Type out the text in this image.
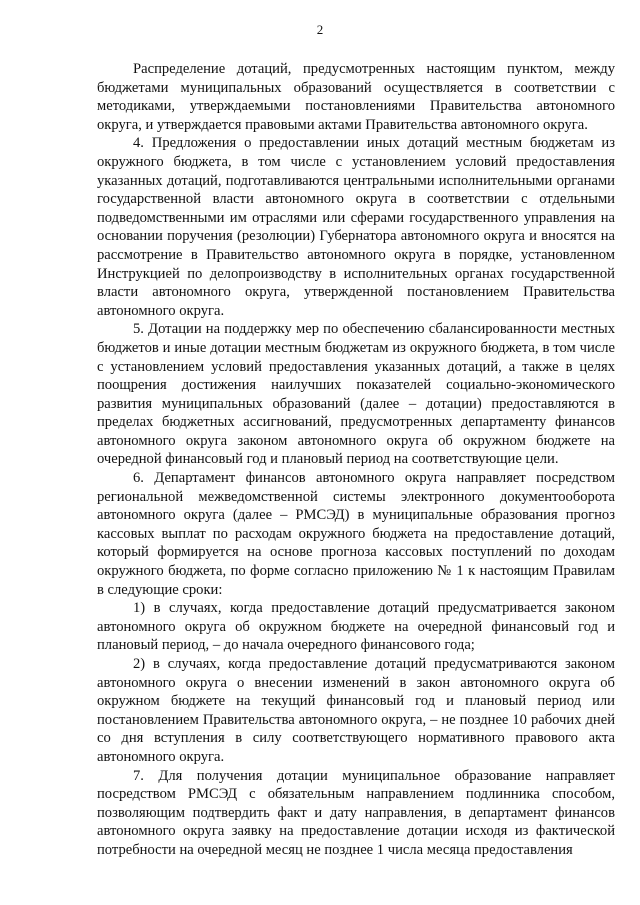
2

Распределение дотаций, предусмотренных настоящим пунктом, между бюджетами муниципальных образований осуществляется в соответствии с методиками, утверждаемыми постановлениями Правительства автономного округа, и утверждается правовыми актами Правительства автономного округа.

4. Предложения о предоставлении иных дотаций местным бюджетам из окружного бюджета, в том числе с установлением условий предоставления указанных дотаций, подготавливаются центральными исполнительными органами государственной власти автономного округа в соответствии с отдельными подведомственными им отраслями или сферами государственного управления на основании поручения (резолюции) Губернатора автономного округа и вносятся на рассмотрение в Правительство автономного округа в порядке, установленном Инструкцией по делопроизводству в исполнительных органах государственной власти автономного округа, утвержденной постановлением Правительства автономного округа.

5. Дотации на поддержку мер по обеспечению сбалансированности местных бюджетов и иные дотации местным бюджетам из окружного бюджета, в том числе с установлением условий предоставления указанных дотаций, а также в целях поощрения достижения наилучших показателей социально-экономического развития муниципальных образований (далее – дотации) предоставляются в пределах бюджетных ассигнований, предусмотренных департаменту финансов автономного округа законом автономного округа об окружном бюджете на очередной финансовый год и плановый период на соответствующие цели.

6. Департамент финансов автономного округа направляет посредством региональной межведомственной системы электронного документооборота автономного округа (далее – РМСЭД) в муниципальные образования прогноз кассовых выплат по расходам окружного бюджета на предоставление дотаций, который формируется на основе прогноза кассовых поступлений по доходам окружного бюджета, по форме согласно приложению № 1 к настоящим Правилам в следующие сроки:

1) в случаях, когда предоставление дотаций предусматривается законом автономного округа об окружном бюджете на очередной финансовый год и плановый период, – до начала очередного финансового года;

2) в случаях, когда предоставление дотаций предусматриваются законом автономного округа о внесении изменений в закон автономного округа об окружном бюджете на текущий финансовый год и плановый период или постановлением Правительства автономного округа, – не позднее 10 рабочих дней со дня вступления в силу соответствующего нормативного правового акта автономного округа.

7. Для получения дотации муниципальное образование направляет посредством РМСЭД с обязательным направлением подлинника способом, позволяющим подтвердить факт и дату направления, в департамент финансов автономного округа заявку на предоставление дотации исходя из фактической потребности на очередной месяц не позднее 1 числа месяца предоставления
